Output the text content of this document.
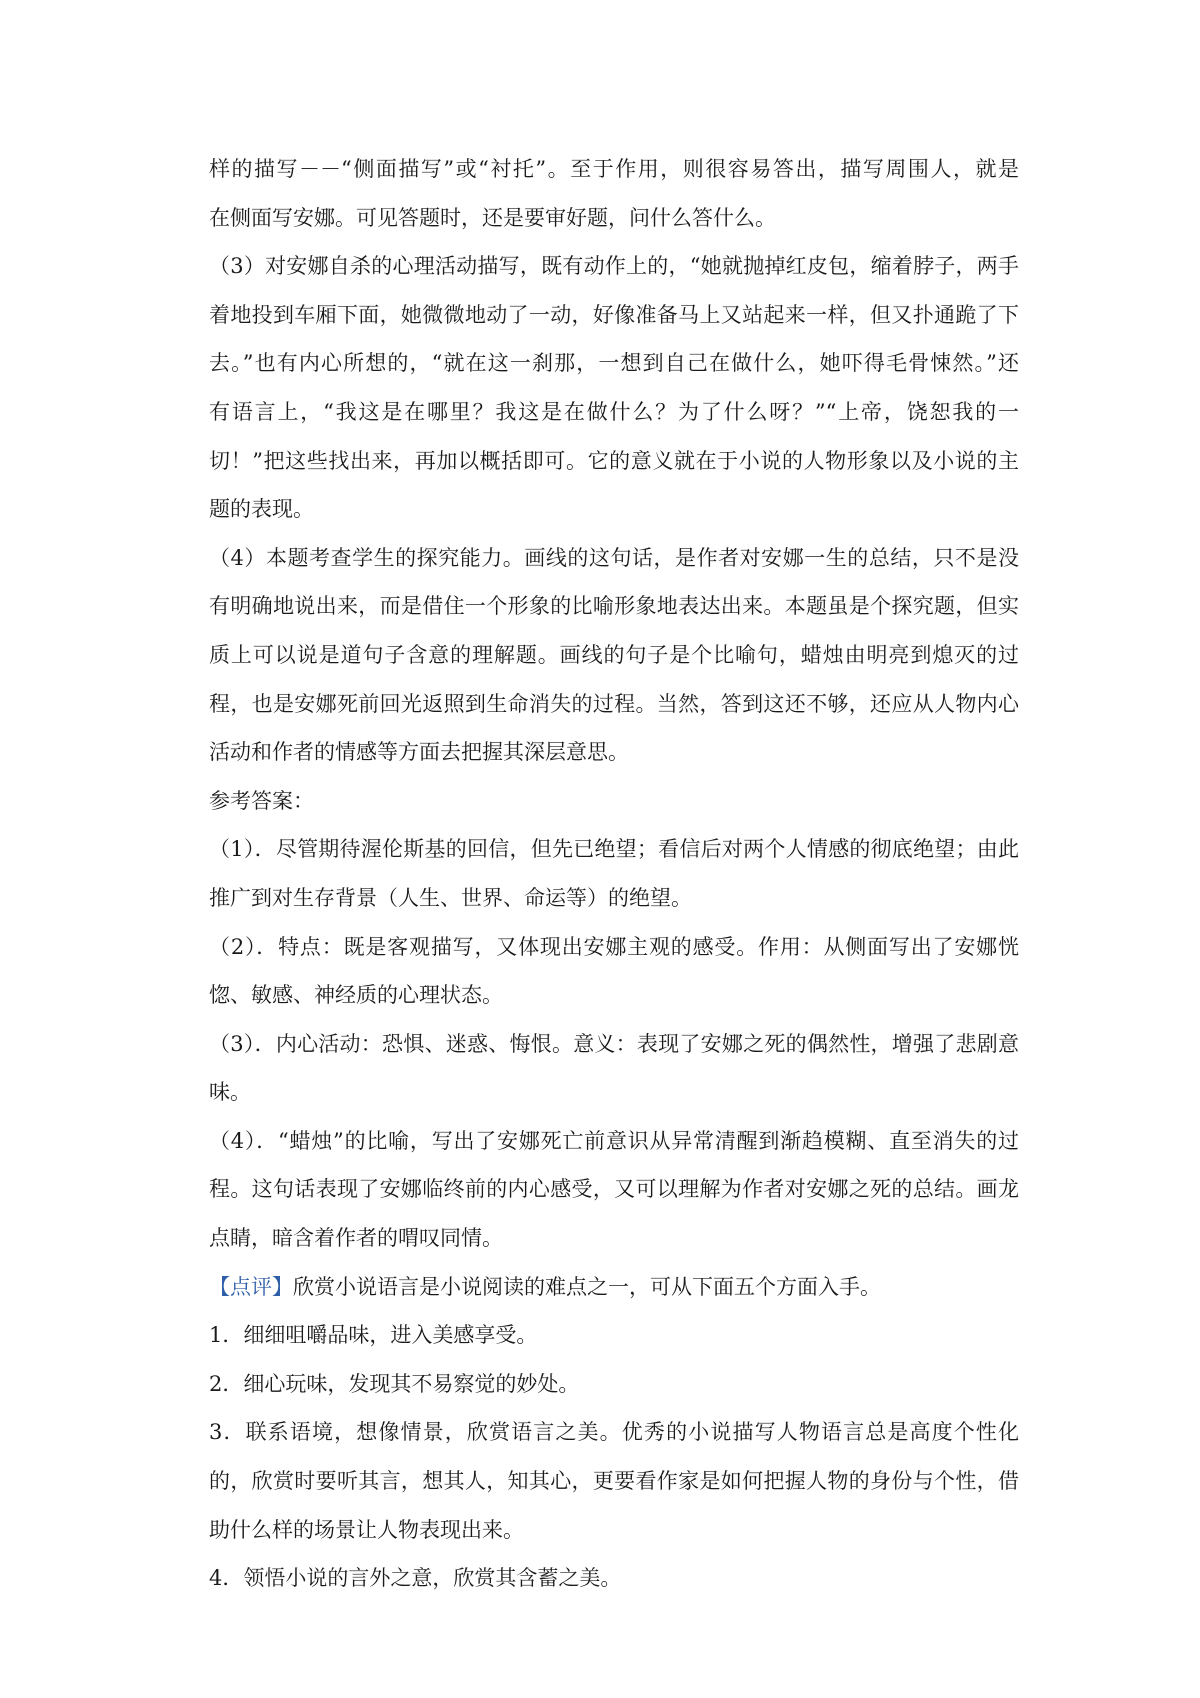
样的描写－－“侧面描写”或“衬托”。至于作用，则很容易答出，描写周围人，就是
在侧面写安娜。可见答题时，还是要审好题，问什么答什么。

（3）对安娜自杀的心理活动描写，既有动作上的，“她就抛掉红皮包，缩着脖子，两手
着地投到车厢下面，她微微地动了一动，好像准备马上又站起来一样，但又扑通跪了下
去。”也有内心所想的，“就在这一刹那，一想到自己在做什么，她吓得毛骨悚然。”还
有语言上，“我这是在哪里？我这是在做什么？为了什么呀？”“上帝，饶恕我的一
切！”把这些找出来，再加以概括即可。它的意义就在于小说的人物形象以及小说的主
题的表现。

（4）本题考查学生的探究能力。画线的这句话，是作者对安娜一生的总结，只不是没
有明确地说出来，而是借住一个形象的比喻形象地表达出来。本题虽是个探究题，但实
质上可以说是道句子含意的理解题。画线的句子是个比喻句，蜡烛由明亮到熄灭的过
程，也是安娜死前回光返照到生命消失的过程。当然，答到这还不够，还应从人物内心
活动和作者的情感等方面去把握其深层意思。

参考答案：

（1）．尽管期待渥伦斯基的回信，但先已绝望；看信后对两个人情感的彻底绝望；由此
推广到对生存背景（人生、世界、命运等）的绝望。

（2）．特点：既是客观描写，又体现出安娜主观的感受。作用：从侧面写出了安娜恍
惚、敏感、神经质的心理状态。

（3）．内心活动：恐惧、迷惑、悔恨。意义：表现了安娜之死的偶然性，增强了悲剧意
味。

（4）．“蜡烛”的比喻，写出了安娜死亡前意识从异常清醒到渐趋模糊、直至消失的过
程。这句话表现了安娜临终前的内心感受，又可以理解为作者对安娜之死的总结。画龙
点睛，暗含着作者的喟叹同情。

【点评】欣赏小说语言是小说阅读的难点之一，可从下面五个方面入手。

1．细细咀嚼品味，进入美感享受。

2．细心玩味，发现其不易察觉的妙处。

3．联系语境，想像情景，欣赏语言之美。优秀的小说描写人物语言总是高度个性化
的，欣赏时要听其言，想其人，知其心，更要看作家是如何把握人物的身份与个性，借
助什么样的场景让人物表现出来。

4．领悟小说的言外之意，欣赏其含蓄之美。
